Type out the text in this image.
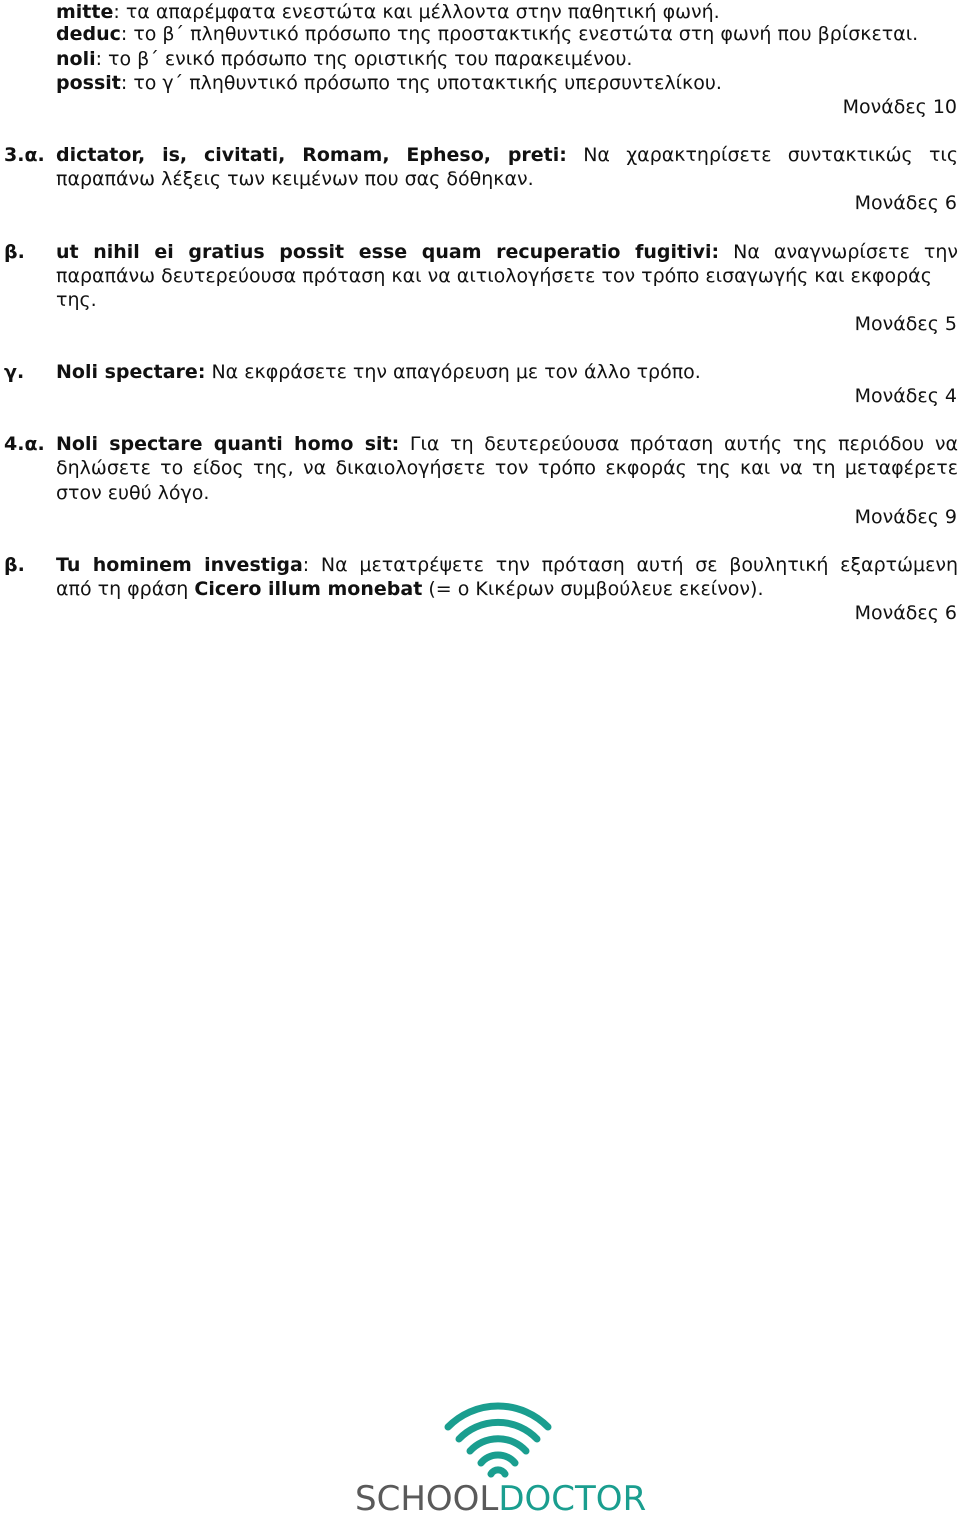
mitte: τα απαρέμφατα ενεστώτα και μέλλοντα στην παθητική φωνή.
deduc: το β΄ πληθυντικό πρόσωπο της προστακτικής ενεστώτα στη φωνή που βρίσκεται.
noli: το β΄ ενικό πρόσωπο της οριστικής του παρακειμένου.
possit: το γ΄ πληθυντικό πρόσωπο της υποτακτικής υπερσυντελίκου.
Μονάδες 10
3.α. dictator, is, civitati, Romam, Epheso, preti: Να χαρακτηρίσετε συντακτικώς τις
παραπάνω λέξεις των κειμένων που σας δόθηκαν.
Μονάδες 6
β. ut nihil ei gratius possit esse quam recuperatio fugitivi: Να αναγνωρίσετε την
παραπάνω δευτερεύουσα πρόταση και να αιτιολογήσετε τον τρόπο εισαγωγής και εκφοράς
της.
Μονάδες 5
γ. Noli spectare: Να εκφράσετε την απαγόρευση με τον άλλο τρόπο.
Μονάδες 4
4.α. Noli spectare quanti homo sit: Για τη δευτερεύουσα πρόταση αυτής της περιόδου να
δηλώσετε το είδος της, να δικαιολογήσετε τον τρόπο εκφοράς της και να τη μεταφέρετε
στον ευθύ λόγο.
Μονάδες 9
β. Tu hominem investiga: Να μετατρέψετε την πρόταση αυτή σε βουλητική εξαρτώμενη
από τη φράση Cicero illum monebat (= ο Κικέρων συμβούλευε εκείνον).
Μονάδες 6
SCHOOLDOCTOR
